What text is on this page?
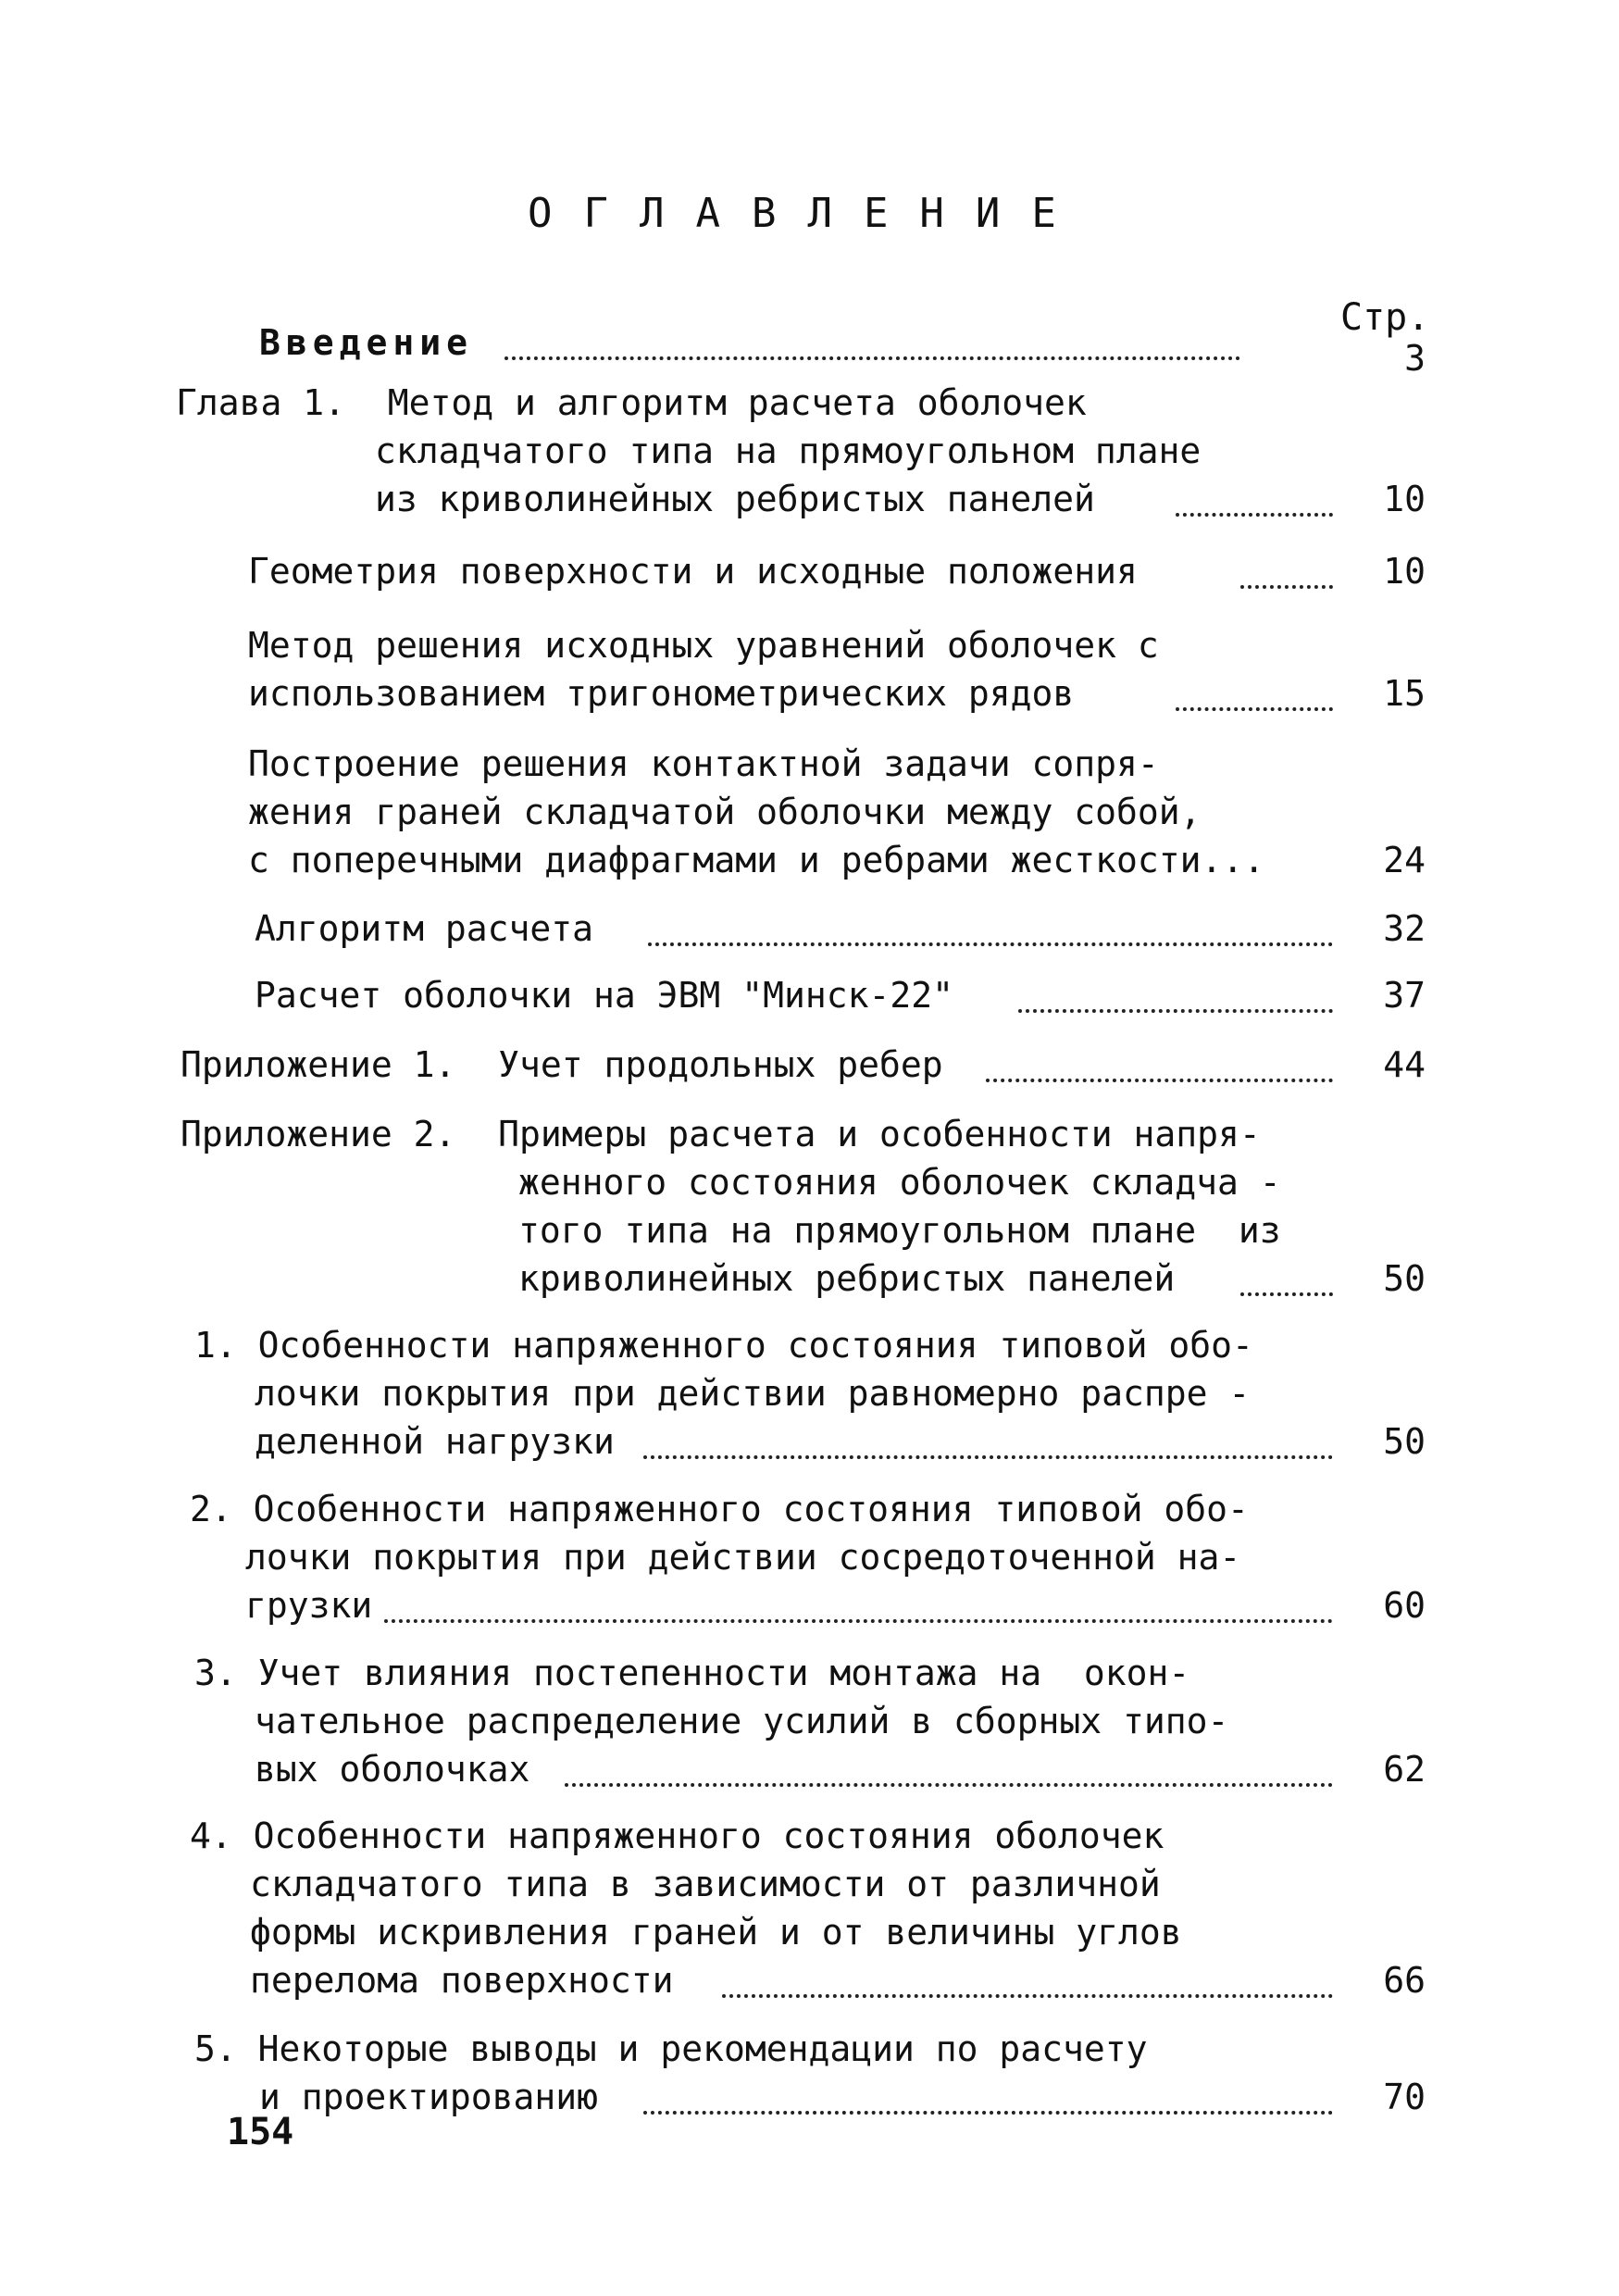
ОГЛАВЛЕНИЕ
Стр.
Введение	3
Глава 1.  Метод и алгоритм расчета оболочек
складчатого типа на прямоугольном плане
из криволинейных ребристых панелей	10
Геометрия поверхности и исходные положения	10
Метод решения исходных уравнений оболочек с
использованием тригонометрических рядов	15
Построение решения контактной задачи сопря-
жения граней складчатой оболочки между собой,
с поперечными диафрагмами и ребрами жесткости...	24
Алгоритм расчета	32
Расчет оболочки на ЭВМ "Минск-22"	37
Приложение 1.  Учет продольных ребер	44
Приложение 2.  Примеры расчета и особенности напря-
женного состояния оболочек складча -
того типа на прямоугольном плане  из
криволинейных ребристых панелей	50
1. Особенности напряженного состояния типовой обо-
лочки покрытия при действии равномерно распре -
деленной нагрузки	50
2. Особенности напряженного состояния типовой обо-
лочки покрытия при действии сосредоточенной на-
грузки	60
3. Учет влияния постепенности монтажа на  окон-
чательное распределение усилий в сборных типо-
вых оболочках	62
4. Особенности напряженного состояния оболочек
складчатого типа в зависимости от различной
формы искривления граней и от величины углов
перелома поверхности	66
5. Некоторые выводы и рекомендации по расчету
и проектированию	70
154
